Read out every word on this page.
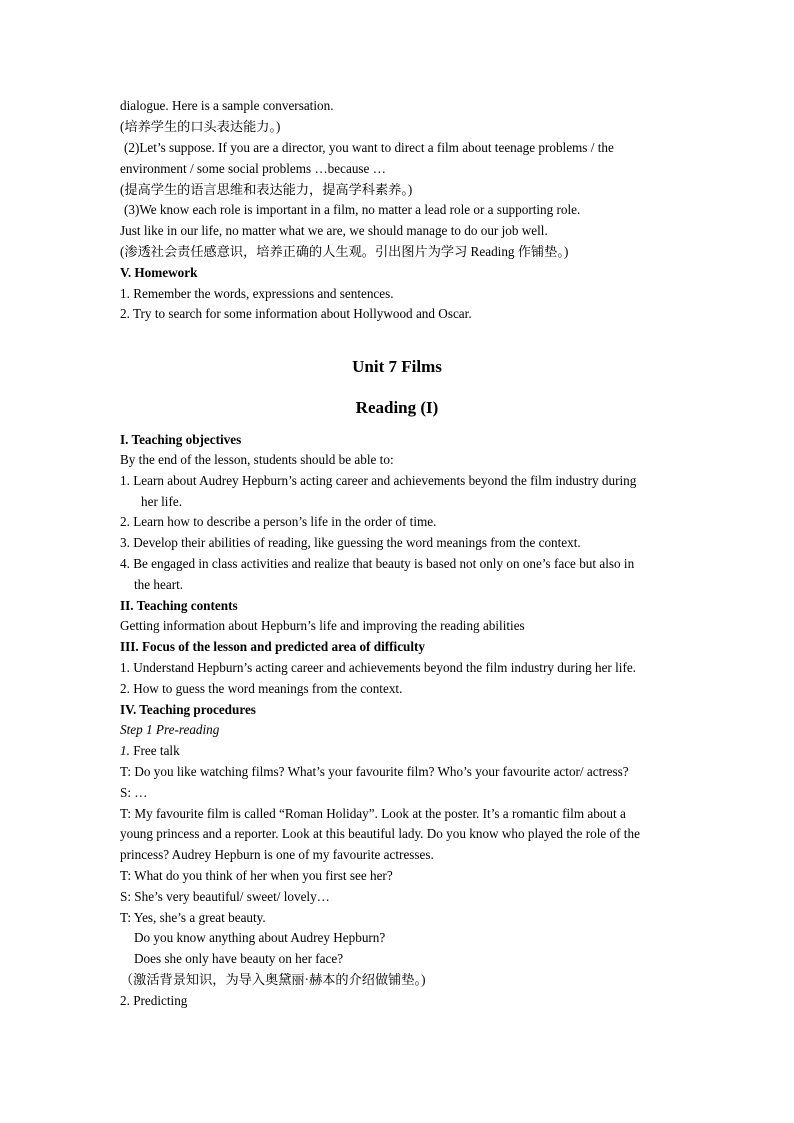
dialogue. Here is a sample conversation.
(培养学生的口头表达能力。)
(2)Let’s suppose. If you are a director, you want to direct a film about teenage problems / the
environment / some social problems …because …
(提高学生的语言思维和表达能力，提高学科素养。)
(3)We know each role is important in a film, no matter a lead role or a supporting role.
Just like in our life, no matter what we are, we should manage to do our job well.
(渗透社会责任感意识，培养正确的人生观。引出图片为学习 Reading 作铺垫。)
V. Homework
1. Remember the words, expressions and sentences.
2. Try to search for some information about Hollywood and Oscar.
Unit 7 Films
Reading (I)
I. Teaching objectives
By the end of the lesson, students should be able to:
1. Learn about Audrey Hepburn’s acting career and achievements beyond the film industry during
her life.
2. Learn how to describe a person’s life in the order of time.
3. Develop their abilities of reading, like guessing the word meanings from the context.
4. Be engaged in class activities and realize that beauty is based not only on one’s face but also in
the heart.
II. Teaching contents
Getting information about Hepburn’s life and improving the reading abilities
III. Focus of the lesson and predicted area of difficulty
1. Understand Hepburn’s acting career and achievements beyond the film industry during her life.
2. How to guess the word meanings from the context.
IV. Teaching procedures
Step 1 Pre-reading
1. Free talk
T: Do you like watching films? What’s your favourite film? Who’s your favourite actor/ actress?
S: …
T: My favourite film is called “Roman Holiday”. Look at the poster. It’s a romantic film about a
young princess and a reporter. Look at this beautiful lady. Do you know who played the role of the
princess? Audrey Hepburn is one of my favourite actresses.
T: What do you think of her when you first see her?
S: She’s very beautiful/ sweet/ lovely…
T: Yes, she’s a great beauty.
Do you know anything about Audrey Hepburn?
Does she only have beauty on her face?
（激活背景知识，为导入奥黛丽·赫本的介绍做铺垫。)
2. Predicting
